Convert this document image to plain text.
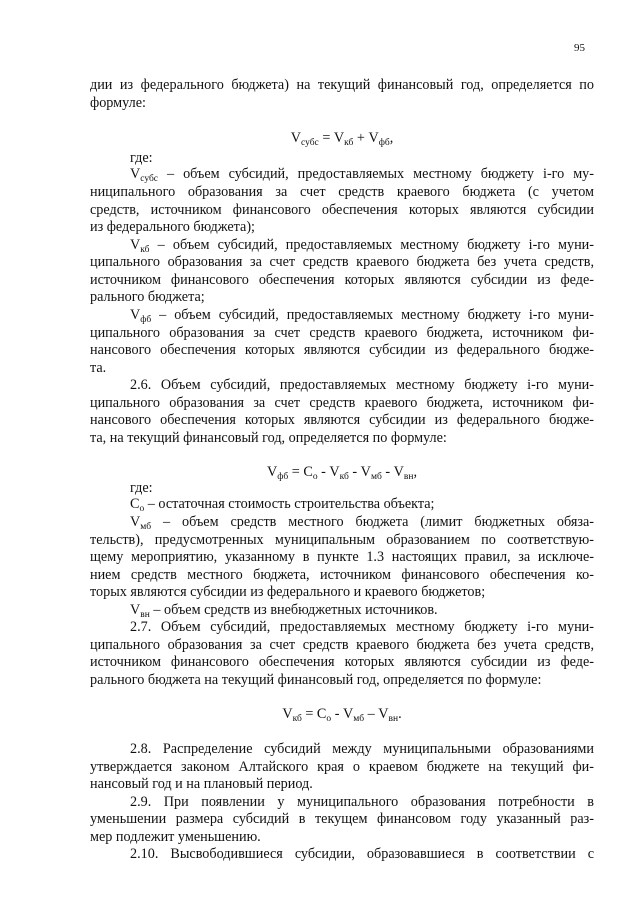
95
дии из федерального бюджета) на текущий финансовый год, определяется по
формуле:
$V_{субс} = V_{кб} + V_{фб}$,
где:
$V_{субс}$ – объем субсидий, предоставляемых местному бюджету i-го му-
ниципального образования за счет средств краевого бюджета (с учетом
средств, источником финансового обеспечения которых являются субсидии
из федерального бюджета);
$V_{кб}$ – объем субсидий, предоставляемых местному бюджету i-го муни-
ципального образования за счет средств краевого бюджета без учета средств,
источником финансового обеспечения которых являются субсидии из феде-
рального бюджета;
$V_{фб}$ – объем субсидий, предоставляемых местному бюджету i-го муни-
ципального образования за счет средств краевого бюджета, источником фи-
нансового обеспечения которых являются субсидии из федерального бюдже-
та.
2.6. Объем субсидий, предоставляемых местному бюджету i-го муни-
ципального образования за счет средств краевого бюджета, источником фи-
нансового обеспечения которых являются субсидии из федерального бюдже-
та, на текущий финансовый год, определяется по формуле:
$V_{фб} = C_о - V_{кб} - V_{мб} - V_{вн}$,
где:
$C_о$ – остаточная стоимость строительства объекта;
$V_{мб}$ – объем средств местного бюджета (лимит бюджетных обяза-
тельств), предусмотренных муниципальным образованием по соответствую-
щему мероприятию, указанному в пункте 1.3 настоящих правил, за исключе-
нием средств местного бюджета, источником финансового обеспечения ко-
торых являются субсидии из федерального и краевого бюджетов;
$V_{вн}$ – объем средств из внебюджетных источников.
2.7. Объем субсидий, предоставляемых местному бюджету i-го муни-
ципального образования за счет средств краевого бюджета без учета средств,
источником финансового обеспечения которых являются субсидии из феде-
рального бюджета на текущий финансовый год, определяется по формуле:
$V_{кб} = C_о - V_{мб} - V_{вн}$.
2.8. Распределение субсидий между муниципальными образованиями
утверждается законом Алтайского края о краевом бюджете на текущий фи-
нансовый год и на плановый период.
2.9. При появлении у муниципального образования потребности в
уменьшении размера субсидий в текущем финансовом году указанный раз-
мер подлежит уменьшению.
2.10. Высвободившиеся субсидии, образовавшиеся в соответствии с
